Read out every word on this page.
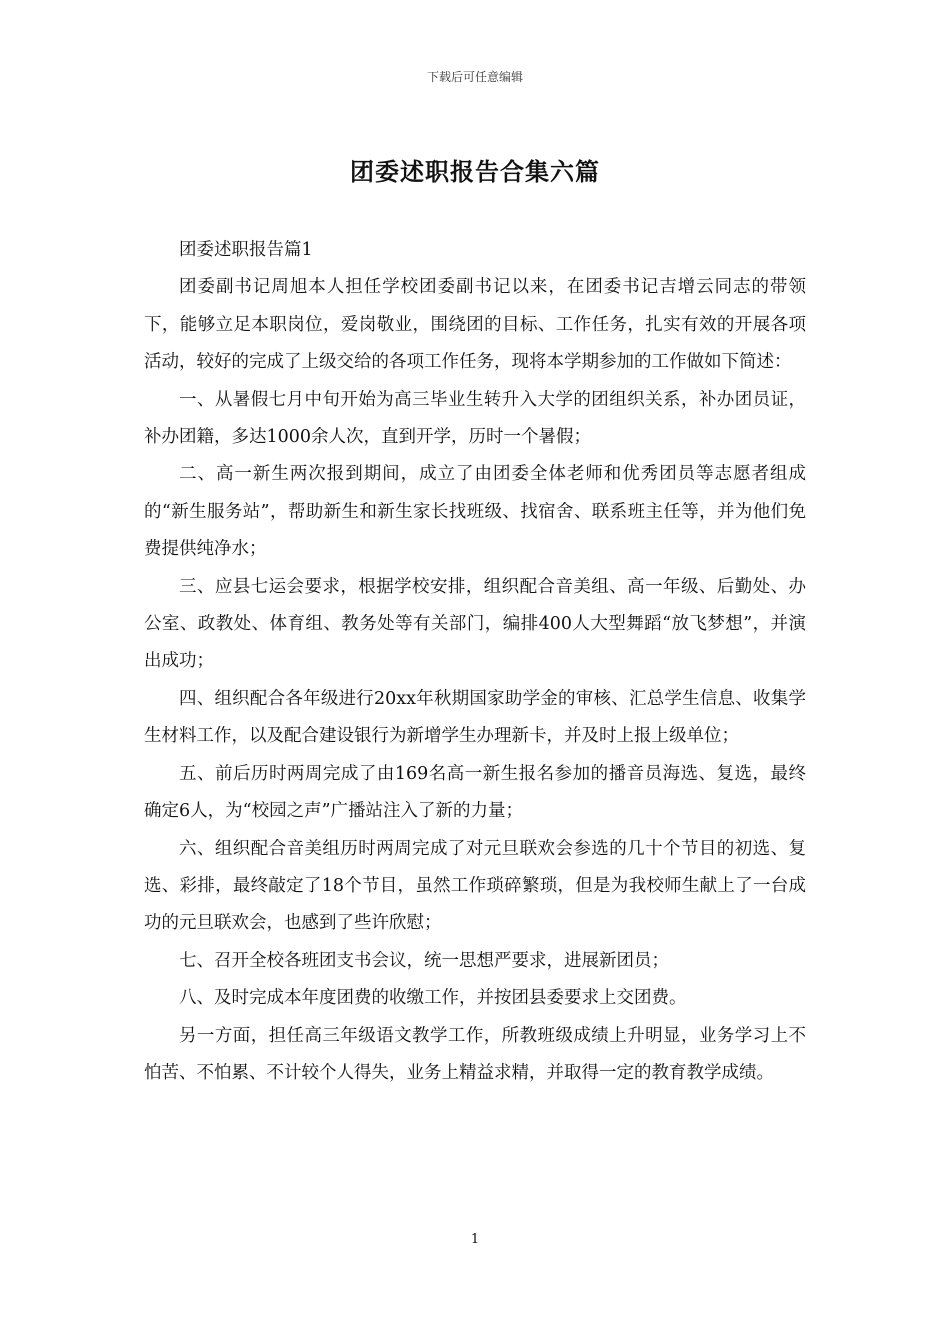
下载后可任意编辑
团委述职报告合集六篇

团委述职报告篇1

团委副书记周旭本人担任学校团委副书记以来，在团委书记吉增云同志的带领下，能够立足本职岗位，爱岗敬业，围绕团的目标、工作任务，扎实有效的开展各项活动，较好的完成了上级交给的各项工作任务，现将本学期参加的工作做如下简述：

一、从暑假七月中旬开始为高三毕业生转升入大学的团组织关系，补办团员证，补办团籍，多达1000余人次，直到开学，历时一个暑假；

二、高一新生两次报到期间，成立了由团委全体老师和优秀团员等志愿者组成的“新生服务站”，帮助新生和新生家长找班级、找宿舍、联系班主任等，并为他们免费提供纯净水；

三、应县七运会要求，根据学校安排，组织配合音美组、高一年级、后勤处、办公室、政教处、体育组、教务处等有关部门，编排400人大型舞蹈“放飞梦想”，并演出成功；

四、组织配合各年级进行20xx年秋期国家助学金的审核、汇总学生信息、收集学生材料工作，以及配合建设银行为新增学生办理新卡，并及时上报上级单位；

五、前后历时两周完成了由169名高一新生报名参加的播音员海选、复选，最终确定6人，为“校园之声”广播站注入了新的力量；

六、组织配合音美组历时两周完成了对元旦联欢会参选的几十个节目的初选、复选、彩排，最终敲定了18个节目，虽然工作琐碎繁琐，但是为我校师生献上了一台成功的元旦联欢会，也感到了些许欣慰；

七、召开全校各班团支书会议，统一思想严要求，进展新团员；

八、及时完成本年度团费的收缴工作，并按团县委要求上交团费。

另一方面，担任高三年级语文教学工作，所教班级成绩上升明显，业务学习上不怕苦、不怕累、不计较个人得失，业务上精益求精，并取得一定的教育教学成绩。

1
